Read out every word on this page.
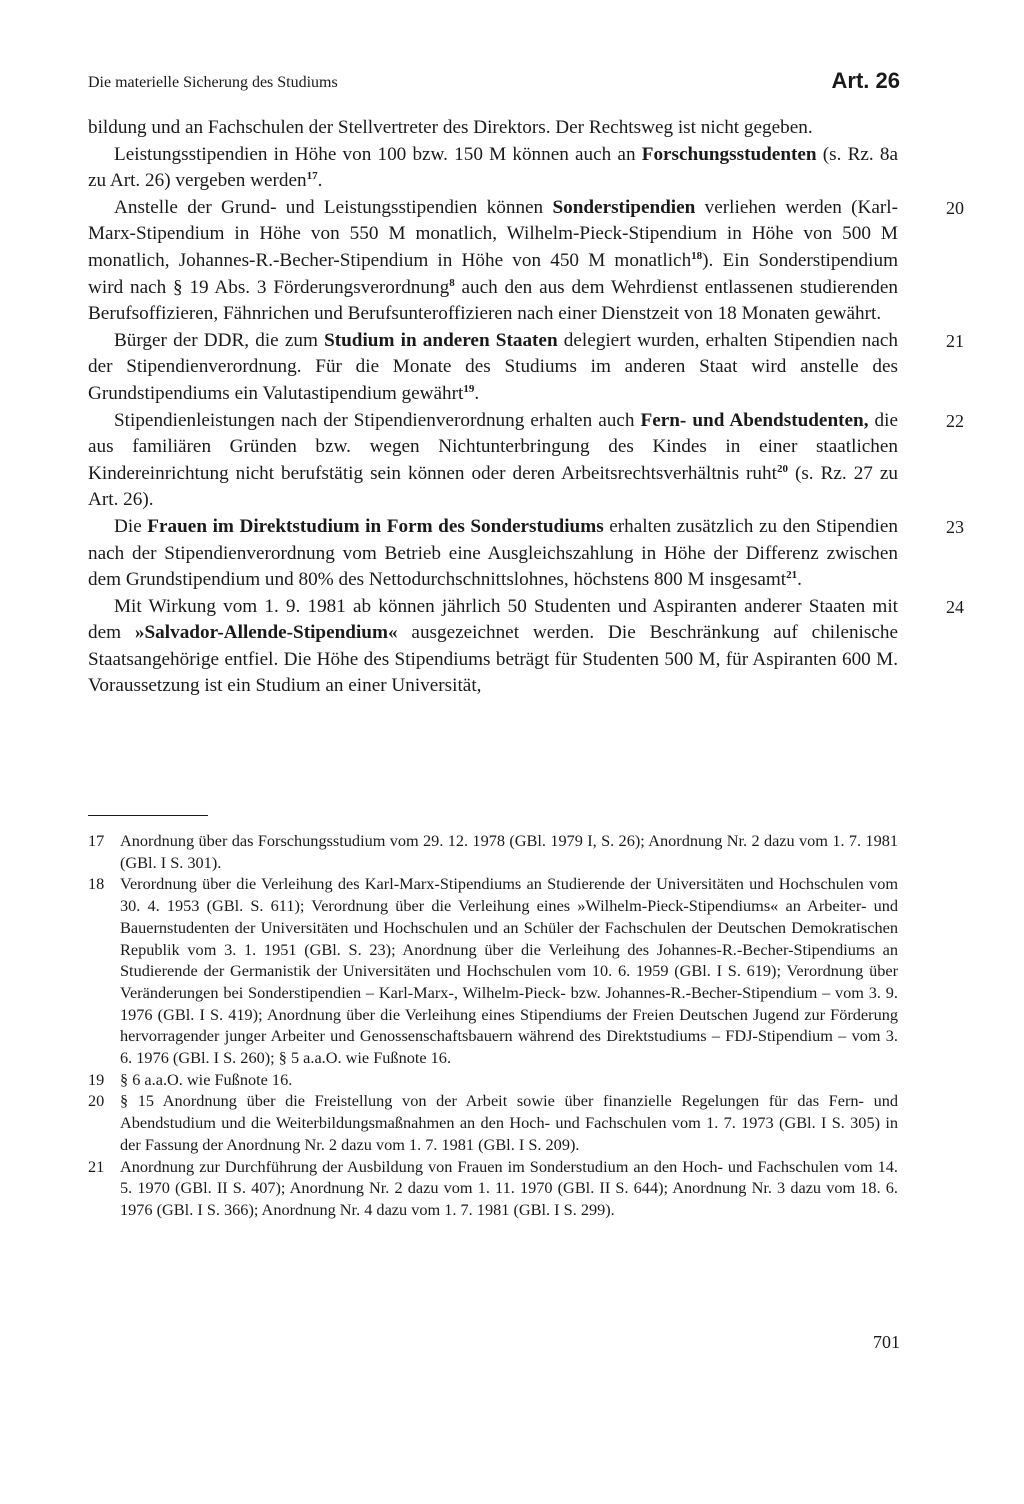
Die materielle Sicherung des Studiums	Art. 26

bildung und an Fachschulen der Stellvertreter des Direktors. Der Rechtsweg ist nicht gegeben.

Leistungsstipendien in Höhe von 100 bzw. 150 M können auch an Forschungsstudenten (s. Rz. 8a zu Art. 26) vergeben werden$^{17}$.

20
Anstelle der Grund- und Leistungsstipendien können Sonderstipendien verliehen werden (Karl-Marx-Stipendium in Höhe von 550 M monatlich, Wilhelm-Pieck-Stipendium in Höhe von 500 M monatlich, Johannes-R.-Becher-Stipendium in Höhe von 450 M monatlich$^{18}$). Ein Sonderstipendium wird nach § 19 Abs. 3 Förderungsverordnung$^8$ auch den aus dem Wehrdienst entlassenen studierenden Berufsoffizieren, Fähnrichen und Berufsunteroffizieren nach einer Dienstzeit von 18 Monaten gewährt.

21
Bürger der DDR, die zum Studium in anderen Staaten delegiert wurden, erhalten Stipendien nach der Stipendienverordnung. Für die Monate des Studiums im anderen Staat wird anstelle des Grundstipendiums ein Valutastipendium gewährt$^{19}$.

22
Stipendienleistungen nach der Stipendienverordnung erhalten auch Fern- und Abendstudenten, die aus familiären Gründen bzw. wegen Nichtunterbringung des Kindes in einer staatlichen Kindereinrichtung nicht berufstätig sein können oder deren Arbeitsrechtsverhältnis ruht$^{20}$ (s. Rz. 27 zu Art. 26).

23
Die Frauen im Direktstudium in Form des Sonderstudiums erhalten zusätzlich zu den Stipendien nach der Stipendienverordnung vom Betrieb eine Ausgleichszahlung in Höhe der Differenz zwischen dem Grundstipendium und 80% des Nettodurchschnittslohnes, höchstens 800 M insgesamt$^{21}$.

24
Mit Wirkung vom 1. 9. 1981 ab können jährlich 50 Studenten und Aspiranten anderer Staaten mit dem »Salvador-Allende-Stipendium« ausgezeichnet werden. Die Beschränkung auf chilenische Staatsangehörige entfiel. Die Höhe des Stipendiums beträgt für Studenten 500 M, für Aspiranten 600 M. Voraussetzung ist ein Studium an einer Universität,

17 Anordnung über das Forschungsstudium vom 29. 12. 1978 (GBl. 1979 I, S. 26); Anordnung Nr. 2 dazu vom 1. 7. 1981 (GBl. I S. 301).
18 Verordnung über die Verleihung des Karl-Marx-Stipendiums an Studierende der Universitäten und Hochschulen vom 30. 4. 1953 (GBl. S. 611); Verordnung über die Verleihung eines »Wilhelm-Pieck-Stipendiums« an Arbeiter- und Bauernstudenten der Universitäten und Hochschulen und an Schüler der Fachschulen der Deutschen Demokratischen Republik vom 3. 1. 1951 (GBl. S. 23); Anordnung über die Verleihung des Johannes-R.-Becher-Stipendiums an Studierende der Germanistik der Universitäten und Hochschulen vom 10. 6. 1959 (GBl. I S. 619); Verordnung über Veränderungen bei Sonderstipendien – Karl-Marx-, Wilhelm-Pieck- bzw. Johannes-R.-Becher-Stipendium – vom 3. 9. 1976 (GBl. I S. 419); Anordnung über die Verleihung eines Stipendiums der Freien Deutschen Jugend zur Förderung hervorragender junger Arbeiter und Genossenschaftsbauern während des Direktstudiums – FDJ-Stipendium – vom 3. 6. 1976 (GBl. I S. 260); § 5 a.a.O. wie Fußnote 16.
19 § 6 a.a.O. wie Fußnote 16.
20 § 15 Anordnung über die Freistellung von der Arbeit sowie über finanzielle Regelungen für das Fern- und Abendstudium und die Weiterbildungsmaßnahmen an den Hoch- und Fachschulen vom 1. 7. 1973 (GBl. I S. 305) in der Fassung der Anordnung Nr. 2 dazu vom 1. 7. 1981 (GBl. I S. 209).
21 Anordnung zur Durchführung der Ausbildung von Frauen im Sonderstudium an den Hoch- und Fachschulen vom 14. 5. 1970 (GBl. II S. 407); Anordnung Nr. 2 dazu vom 1. 11. 1970 (GBl. II S. 644); Anordnung Nr. 3 dazu vom 18. 6. 1976 (GBl. I S. 366); Anordnung Nr. 4 dazu vom 1. 7. 1981 (GBl. I S. 299).
701
